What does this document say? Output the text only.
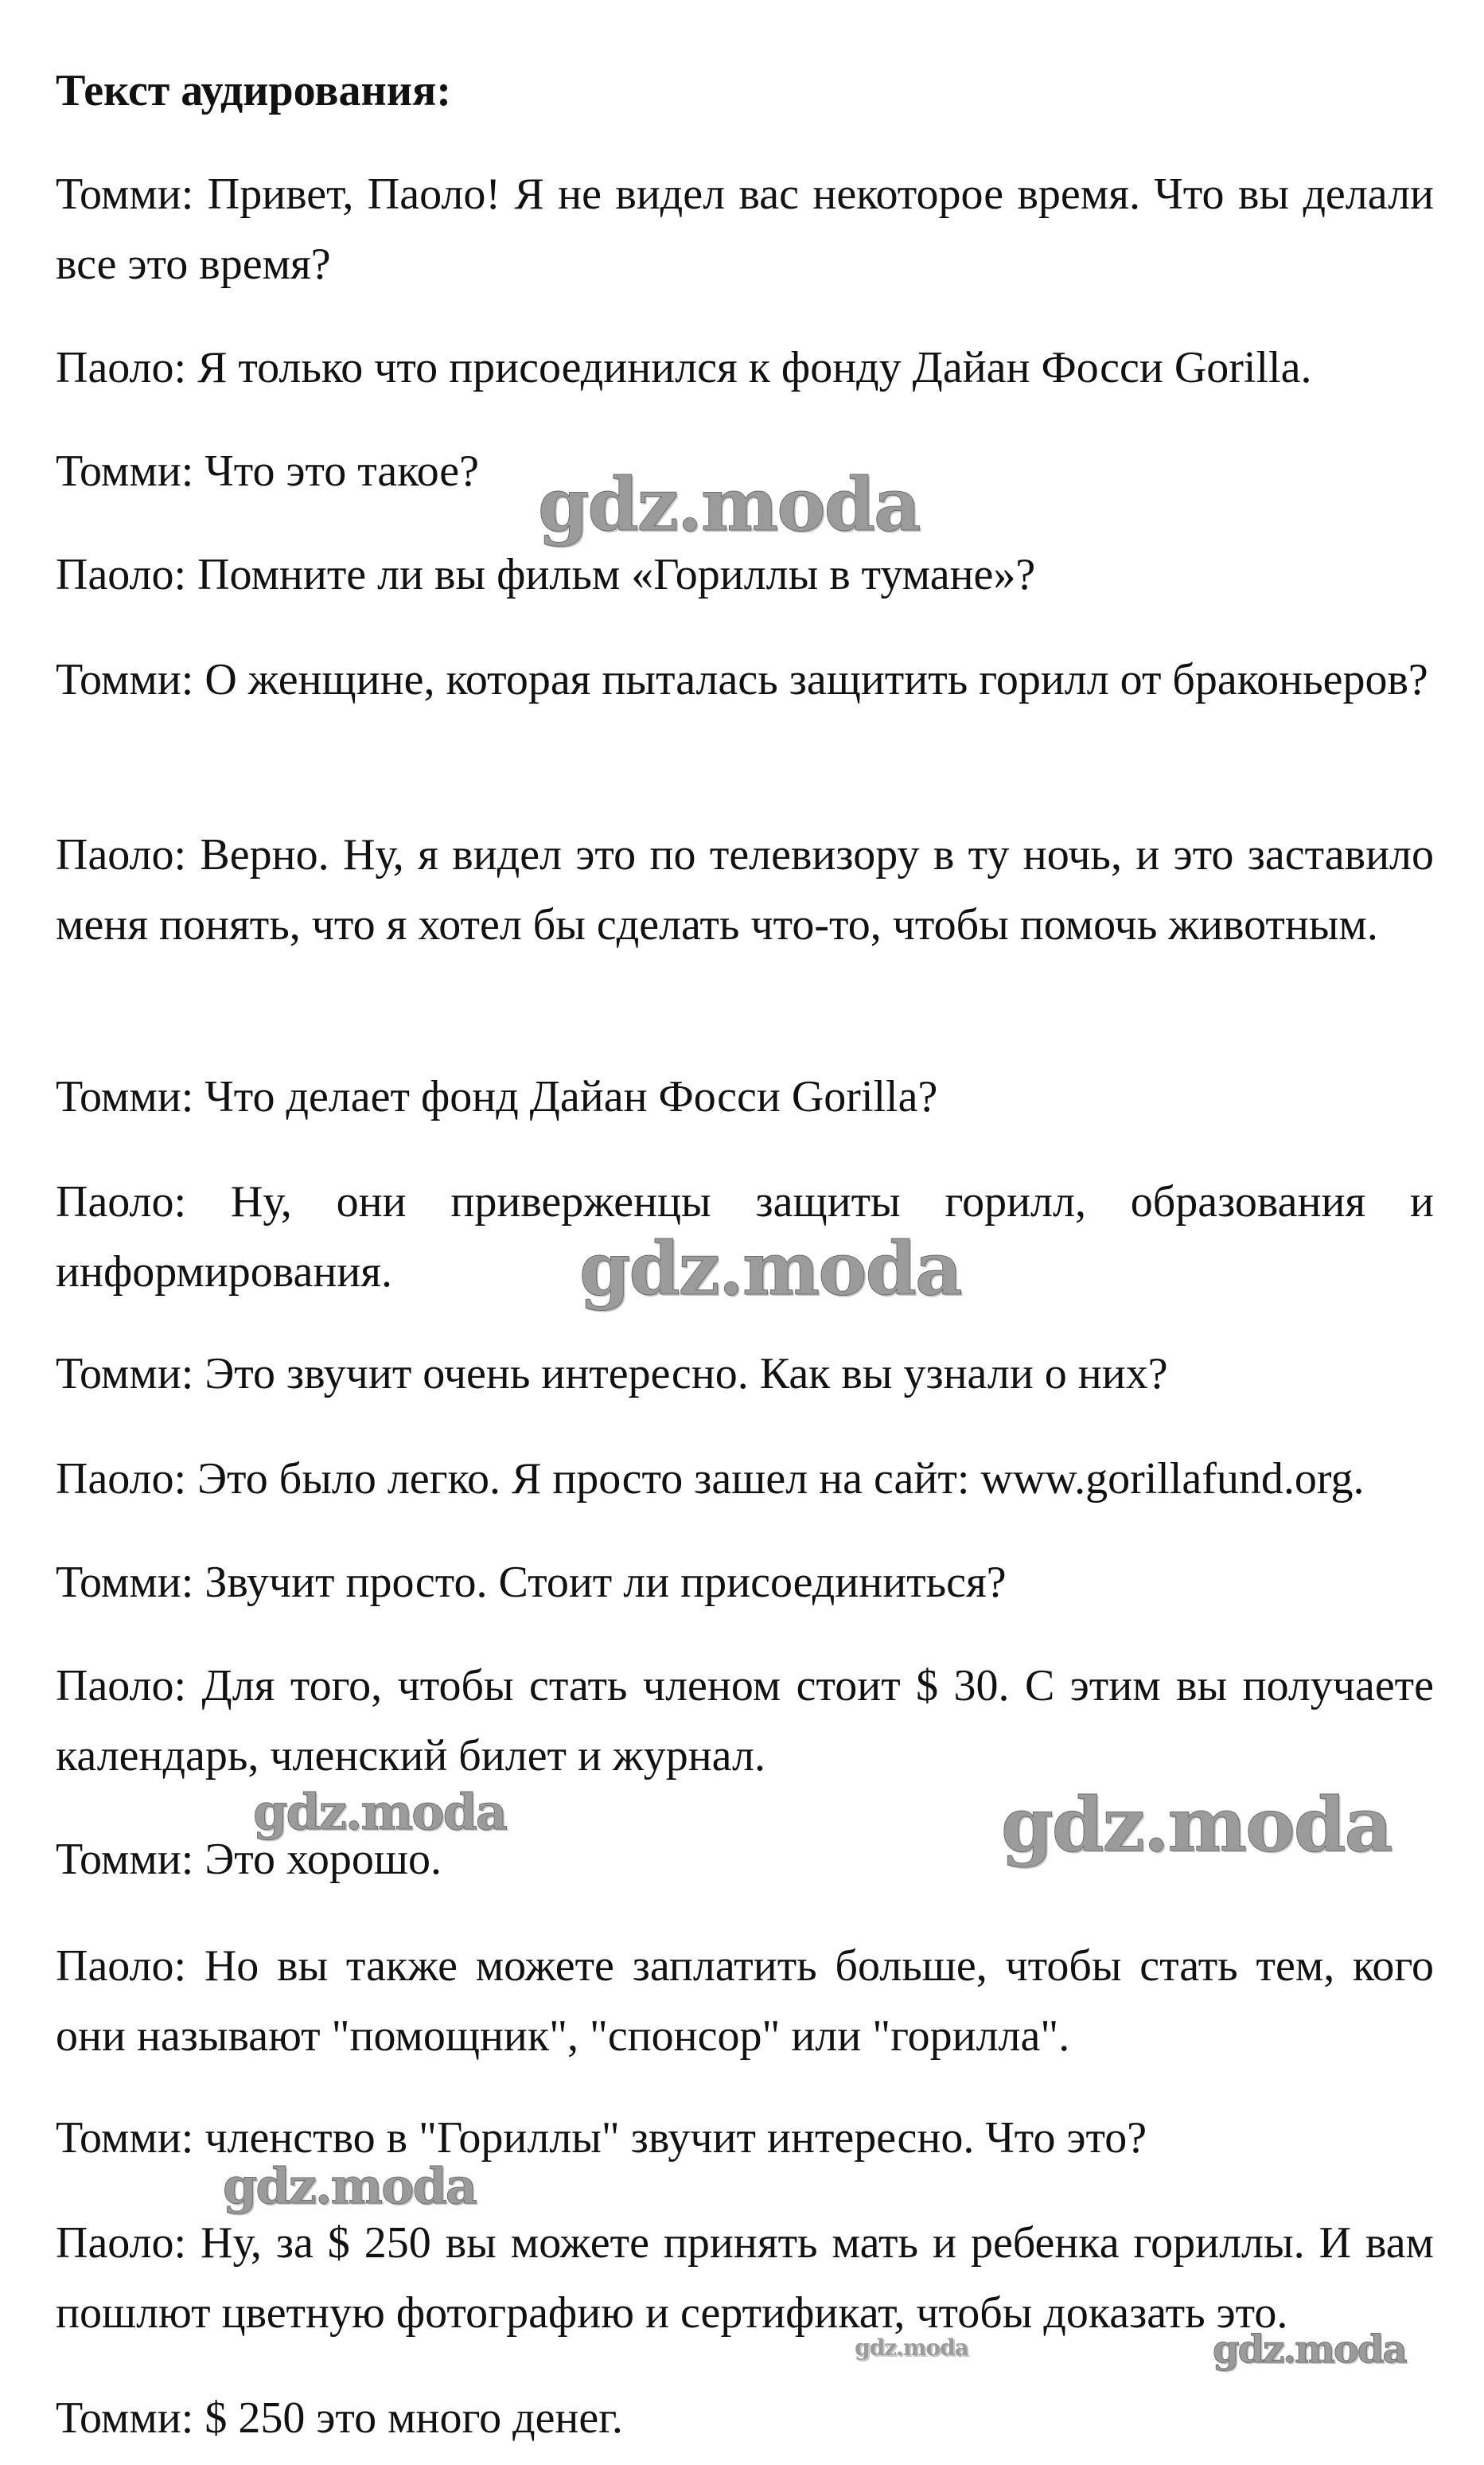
Текст аудирования:
Томми: Привет, Паоло! Я не видел вас некоторое время. Что вы делали все это время?
Паоло: Я только что присоединился к фонду Дайан Фосси Gorilla.
Томми: Что это такое?
Паоло: Помните ли вы фильм «Гориллы в тумане»?
Томми: О женщине, которая пыталась защитить горилл от браконьеров?
Паоло: Верно. Ну, я видел это по телевизору в ту ночь, и это заставило меня понять, что я хотел бы сделать что-то, чтобы помочь животным.
Томми: Что делает фонд Дайан Фосси Gorilla?
Паоло: Ну, они приверженцы защиты горилл, образования и информирования.
Томми: Это звучит очень интересно. Как вы узнали о них?
Паоло: Это было легко. Я просто зашел на сайт: www.gorillafund.org.
Томми: Звучит просто. Стоит ли присоединиться?
Паоло: Для того, чтобы стать членом стоит $ 30. С этим вы получаете календарь, членский билет и журнал.
Томми: Это хорошо.
Паоло: Но вы также можете заплатить больше, чтобы стать тем, кого они называют "помощник", "спонсор" или "горилла".
Томми: членство в "Гориллы" звучит интересно. Что это?
Паоло: Ну, за $ 250 вы можете принять мать и ребенка гориллы. И вам пошлют цветную фотографию и сертификат, чтобы доказать это.
Томми: $ 250 это много денег.
gdz.moda
gdz.moda
gdz.moda	gdz.moda
gdz.moda
gdz.moda	gdz.moda
